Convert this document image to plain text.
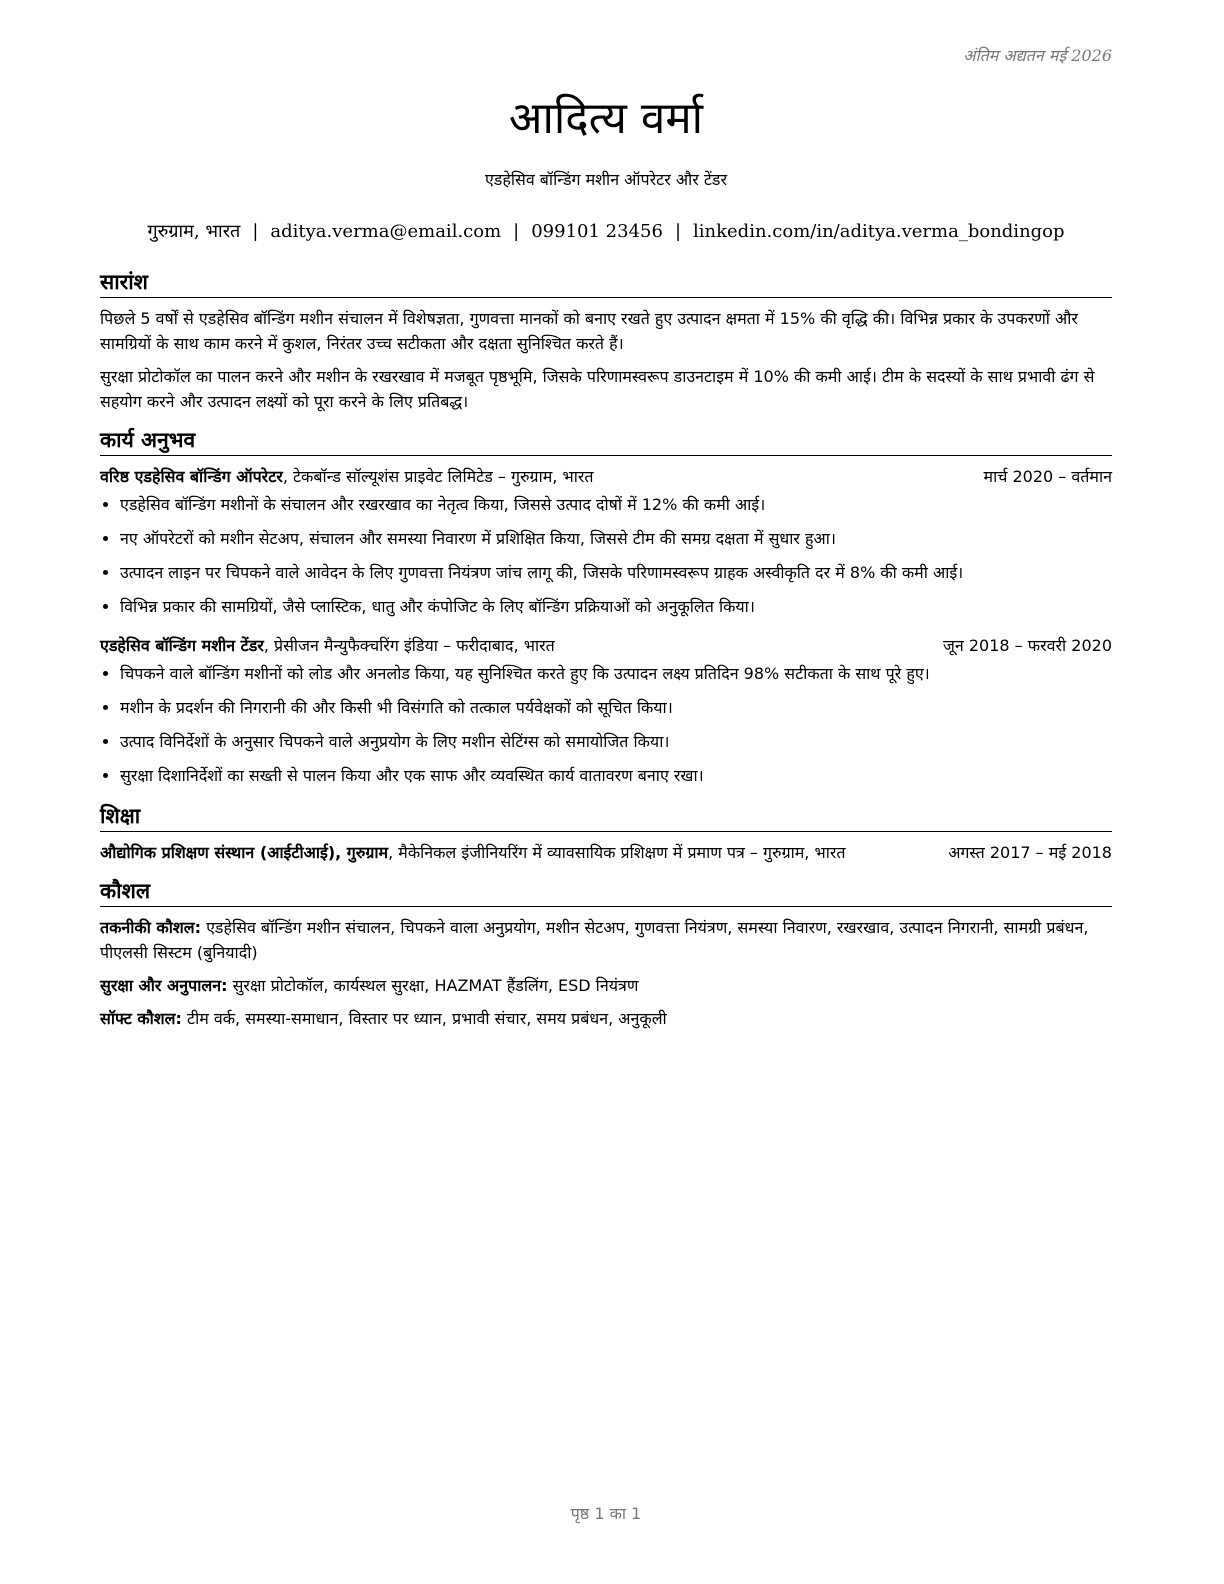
अंतिम अद्यतन मई 2026
आदित्य वर्मा
एडहेसिव बॉन्डिंग मशीन ऑपरेटर और टेंडर
गुरुग्राम, भारत | aditya.verma@email.com | 099101 23456 | linkedin.com/in/aditya.verma_bondingop
सारांश

पिछले 5 वर्षों से एडहेसिव बॉन्डिंग मशीन संचालन में विशेषज्ञता, गुणवत्ता मानकों को बनाए रखते हुए उत्पादन क्षमता में 15% की वृद्धि की। विभिन्न प्रकार के उपकरणों और सामग्रियों के साथ काम करने में कुशल, निरंतर उच्च सटीकता और दक्षता सुनिश्चित करते हैं।

सुरक्षा प्रोटोकॉल का पालन करने और मशीन के रखरखाव में मजबूत पृष्ठभूमि, जिसके परिणामस्वरूप डाउनटाइम में 10% की कमी आई। टीम के सदस्यों के साथ प्रभावी ढंग से सहयोग करने और उत्पादन लक्ष्यों को पूरा करने के लिए प्रतिबद्ध।

कार्य अनुभव
वरिष्ठ एडहेसिव बॉन्डिंग ऑपरेटर, टेकबॉन्ड सॉल्यूशंस प्राइवेट लिमिटेड – गुरुग्राम, भारत	मार्च 2020 – वर्तमान
• एडहेसिव बॉन्डिंग मशीनों के संचालन और रखरखाव का नेतृत्व किया, जिससे उत्पाद दोषों में 12% की कमी आई।
• नए ऑपरेटरों को मशीन सेटअप, संचालन और समस्या निवारण में प्रशिक्षित किया, जिससे टीम की समग्र दक्षता में सुधार हुआ।
• उत्पादन लाइन पर चिपकने वाले आवेदन के लिए गुणवत्ता नियंत्रण जांच लागू की, जिसके परिणामस्वरूप ग्राहक अस्वीकृति दर में 8% की कमी आई।
• विभिन्न प्रकार की सामग्रियों, जैसे प्लास्टिक, धातु और कंपोजिट के लिए बॉन्डिंग प्रक्रियाओं को अनुकूलित किया।
एडहेसिव बॉन्डिंग मशीन टेंडर, प्रेसीजन मैन्युफैक्चरिंग इंडिया – फरीदाबाद, भारत	जून 2018 – फरवरी 2020
• चिपकने वाले बॉन्डिंग मशीनों को लोड और अनलोड किया, यह सुनिश्चित करते हुए कि उत्पादन लक्ष्य प्रतिदिन 98% सटीकता के साथ पूरे हुए।
• मशीन के प्रदर्शन की निगरानी की और किसी भी विसंगति को तत्काल पर्यवेक्षकों को सूचित किया।
• उत्पाद विनिर्देशों के अनुसार चिपकने वाले अनुप्रयोग के लिए मशीन सेटिंग्स को समायोजित किया।
• सुरक्षा दिशानिर्देशों का सख्ती से पालन किया और एक साफ और व्यवस्थित कार्य वातावरण बनाए रखा।
शिक्षा
औद्योगिक प्रशिक्षण संस्थान (आईटीआई), गुरुग्राम, मैकेनिकल इंजीनियरिंग में व्यावसायिक प्रशिक्षण में प्रमाण पत्र – गुरुग्राम, भारत	अगस्त 2017 – मई 2018
कौशल
तकनीकी कौशल: एडहेसिव बॉन्डिंग मशीन संचालन, चिपकने वाला अनुप्रयोग, मशीन सेटअप, गुणवत्ता नियंत्रण, समस्या निवारण, रखरखाव, उत्पादन निगरानी, सामग्री प्रबंधन, पीएलसी सिस्टम (बुनियादी)
सुरक्षा और अनुपालन: सुरक्षा प्रोटोकॉल, कार्यस्थल सुरक्षा, HAZMAT हैंडलिंग, ESD नियंत्रण
सॉफ्ट कौशल: टीम वर्क, समस्या-समाधान, विस्तार पर ध्यान, प्रभावी संचार, समय प्रबंधन, अनुकूली
पृष्ठ 1 का 1
